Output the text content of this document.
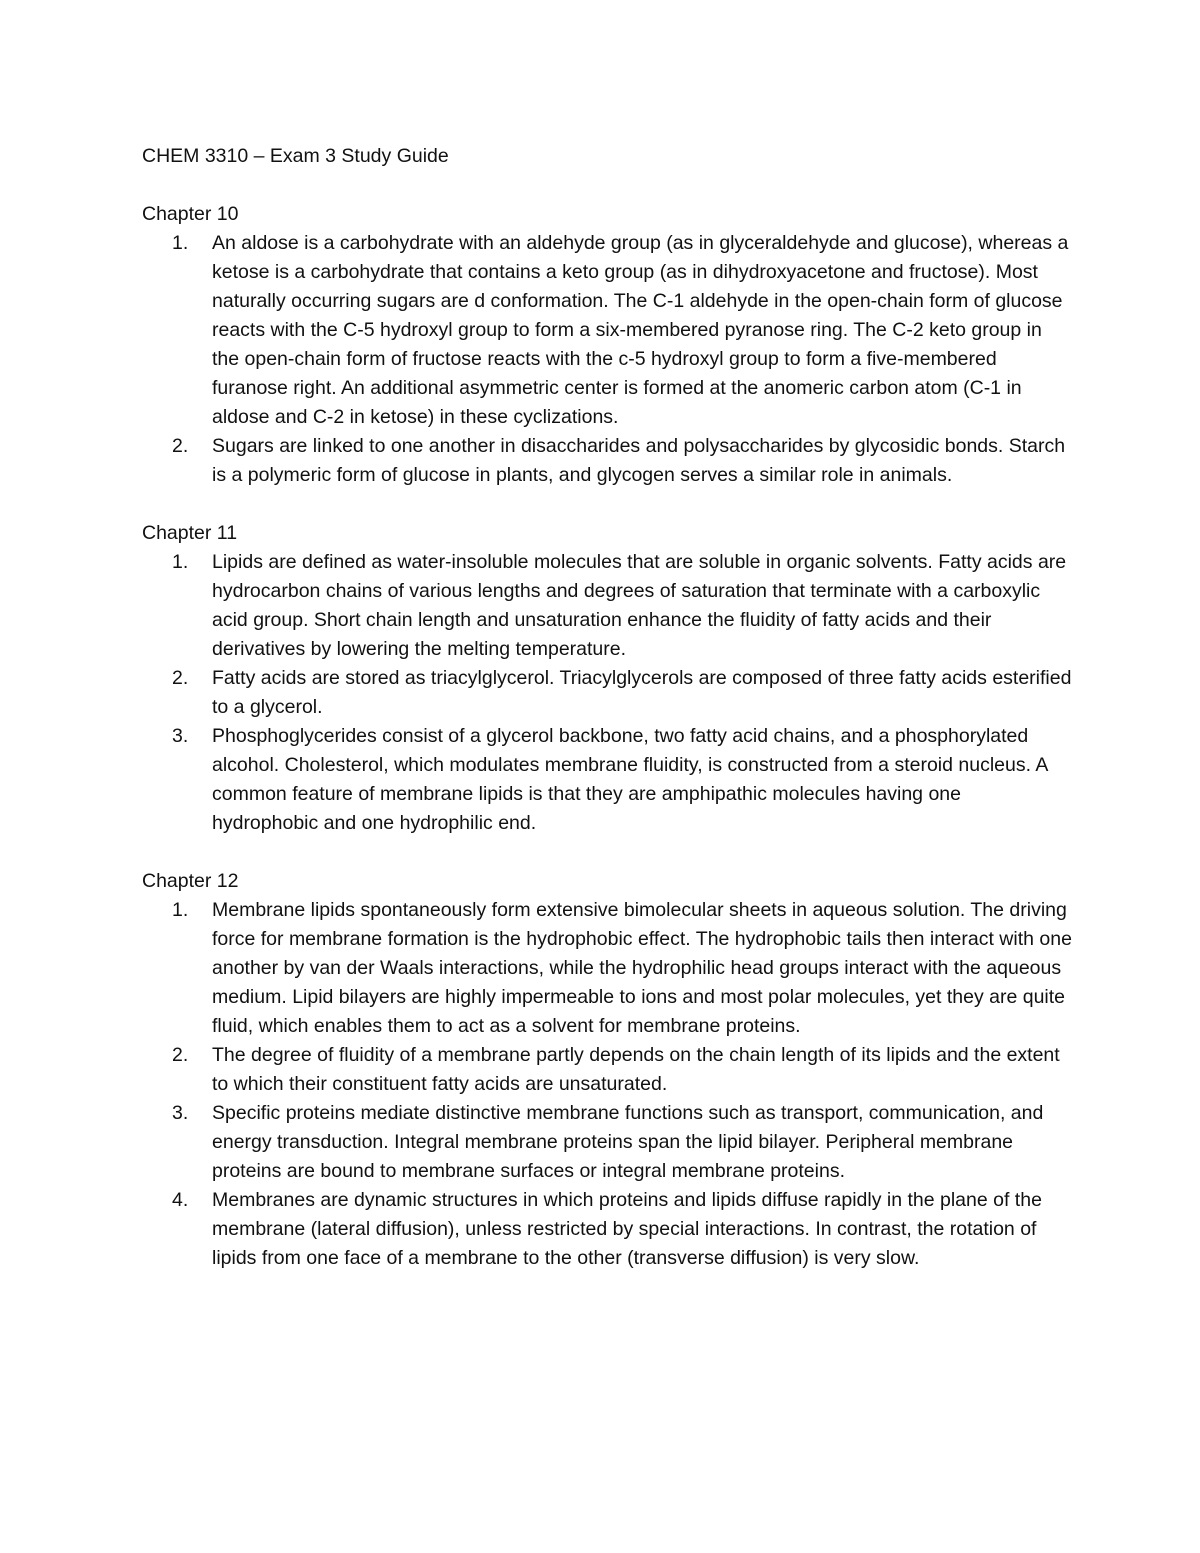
CHEM 3310 – Exam 3 Study Guide
Chapter 10
1.	An aldose is a carbohydrate with an aldehyde group (as in glyceraldehyde and glucose), whereas a ketose is a carbohydrate that contains a keto group (as in dihydroxyacetone and fructose). Most naturally occurring sugars are d conformation. The C-1 aldehyde in the open-chain form of glucose reacts with the C-5 hydroxyl group to form a six-membered pyranose ring. The C-2 keto group in the open-chain form of fructose reacts with the c-5 hydroxyl group to form a five-membered furanose right. An additional asymmetric center is formed at the anomeric carbon atom (C-1 in aldose and C-2 in ketose) in these cyclizations.
2.	Sugars are linked to one another in disaccharides and polysaccharides by glycosidic bonds. Starch is a polymeric form of glucose in plants, and glycogen serves a similar role in animals.
Chapter 11
1.	Lipids are defined as water-insoluble molecules that are soluble in organic solvents. Fatty acids are hydrocarbon chains of various lengths and degrees of saturation that terminate with a carboxylic acid group. Short chain length and unsaturation enhance the fluidity of fatty acids and their derivatives by lowering the melting temperature.
2.	Fatty acids are stored as triacylglycerol. Triacylglycerols are composed of three fatty acids esterified to a glycerol.
3.	Phosphoglycerides consist of a glycerol backbone, two fatty acid chains, and a phosphorylated alcohol. Cholesterol, which modulates membrane fluidity, is constructed from a steroid nucleus. A common feature of membrane lipids is that they are amphipathic molecules having one hydrophobic and one hydrophilic end.
Chapter 12
1.	Membrane lipids spontaneously form extensive bimolecular sheets in aqueous solution. The driving force for membrane formation is the hydrophobic effect. The hydrophobic tails then interact with one another by van der Waals interactions, while the hydrophilic head groups interact with the aqueous medium. Lipid bilayers are highly impermeable to ions and most polar molecules, yet they are quite fluid, which enables them to act as a solvent for membrane proteins.
2.	The degree of fluidity of a membrane partly depends on the chain length of its lipids and the extent to which their constituent fatty acids are unsaturated.
3.	Specific proteins mediate distinctive membrane functions such as transport, communication, and energy transduction. Integral membrane proteins span the lipid bilayer. Peripheral membrane proteins are bound to membrane surfaces or integral membrane proteins.
4.	Membranes are dynamic structures in which proteins and lipids diffuse rapidly in the plane of the membrane (lateral diffusion), unless restricted by special interactions. In contrast, the rotation of lipids from one face of a membrane to the other (transverse diffusion) is very slow.
